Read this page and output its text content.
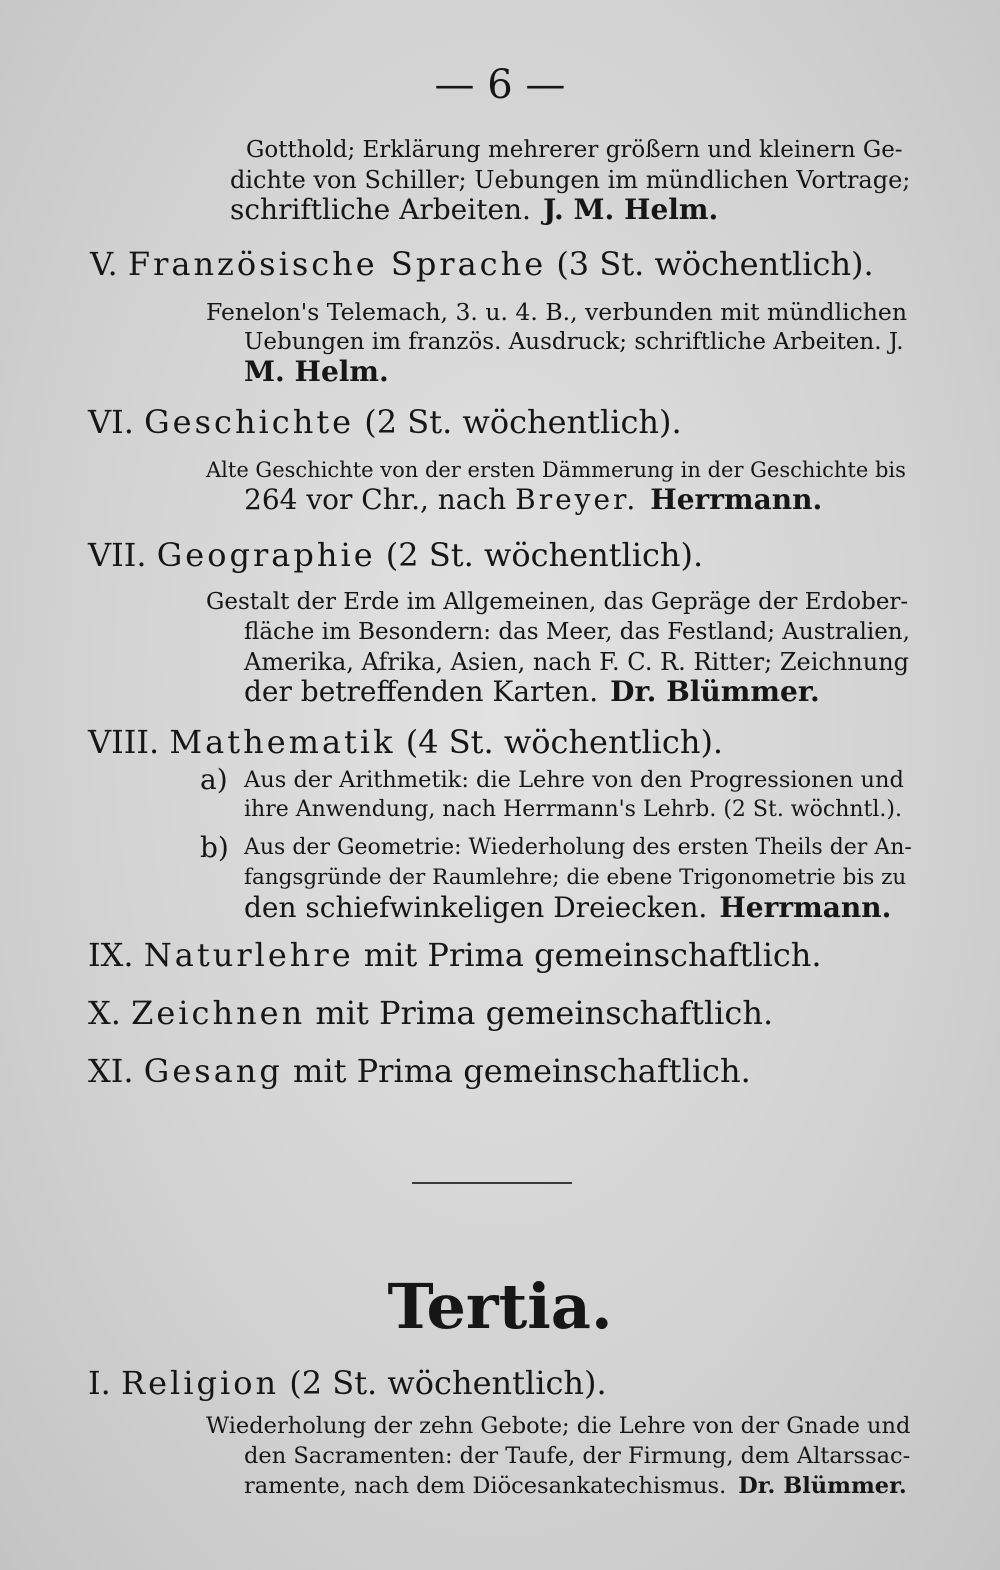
— 6 —
Gotthold; Erklärung mehrerer größern und kleinern Ge-
dichte von Schiller; Uebungen im mündlichen Vortrage;
schriftliche Arbeiten. J. M. Helm.
V. Französische Sprache (3 St. wöchentlich).
Fenelon's Telemach, 3. u. 4. B., verbunden mit mündlichen
Uebungen im französ. Ausdruck; schriftliche Arbeiten. J.
M. Helm.
VI. Geschichte (2 St. wöchentlich).
Alte Geschichte von der ersten Dämmerung in der Geschichte bis
264 vor Chr., nach Breyer. Herrmann.
VII. Geographie (2 St. wöchentlich).
Gestalt der Erde im Allgemeinen, das Gepräge der Erdober-
fläche im Besondern: das Meer, das Festland; Australien,
Amerika, Afrika, Asien, nach F. C. R. Ritter; Zeichnung
der betreffenden Karten. Dr. Blümmer.
VIII. Mathematik (4 St. wöchentlich).
a) Aus der Arithmetik: die Lehre von den Progressionen und
ihre Anwendung, nach Herrmann's Lehrb. (2 St. wöchntl.).
b) Aus der Geometrie: Wiederholung des ersten Theils der An-
fangsgründe der Raumlehre; die ebene Trigonometrie bis zu
den schiefwinkeligen Dreiecken. Herrmann.
IX. Naturlehre mit Prima gemeinschaftlich.
X. Zeichnen mit Prima gemeinschaftlich.
XI. Gesang mit Prima gemeinschaftlich.
Tertia.
I. Religion (2 St. wöchentlich).
Wiederholung der zehn Gebote; die Lehre von der Gnade und
den Sacramenten: der Taufe, der Firmung, dem Altarssac-
ramente, nach dem Diöcesankatechismus. Dr. Blümmer.
